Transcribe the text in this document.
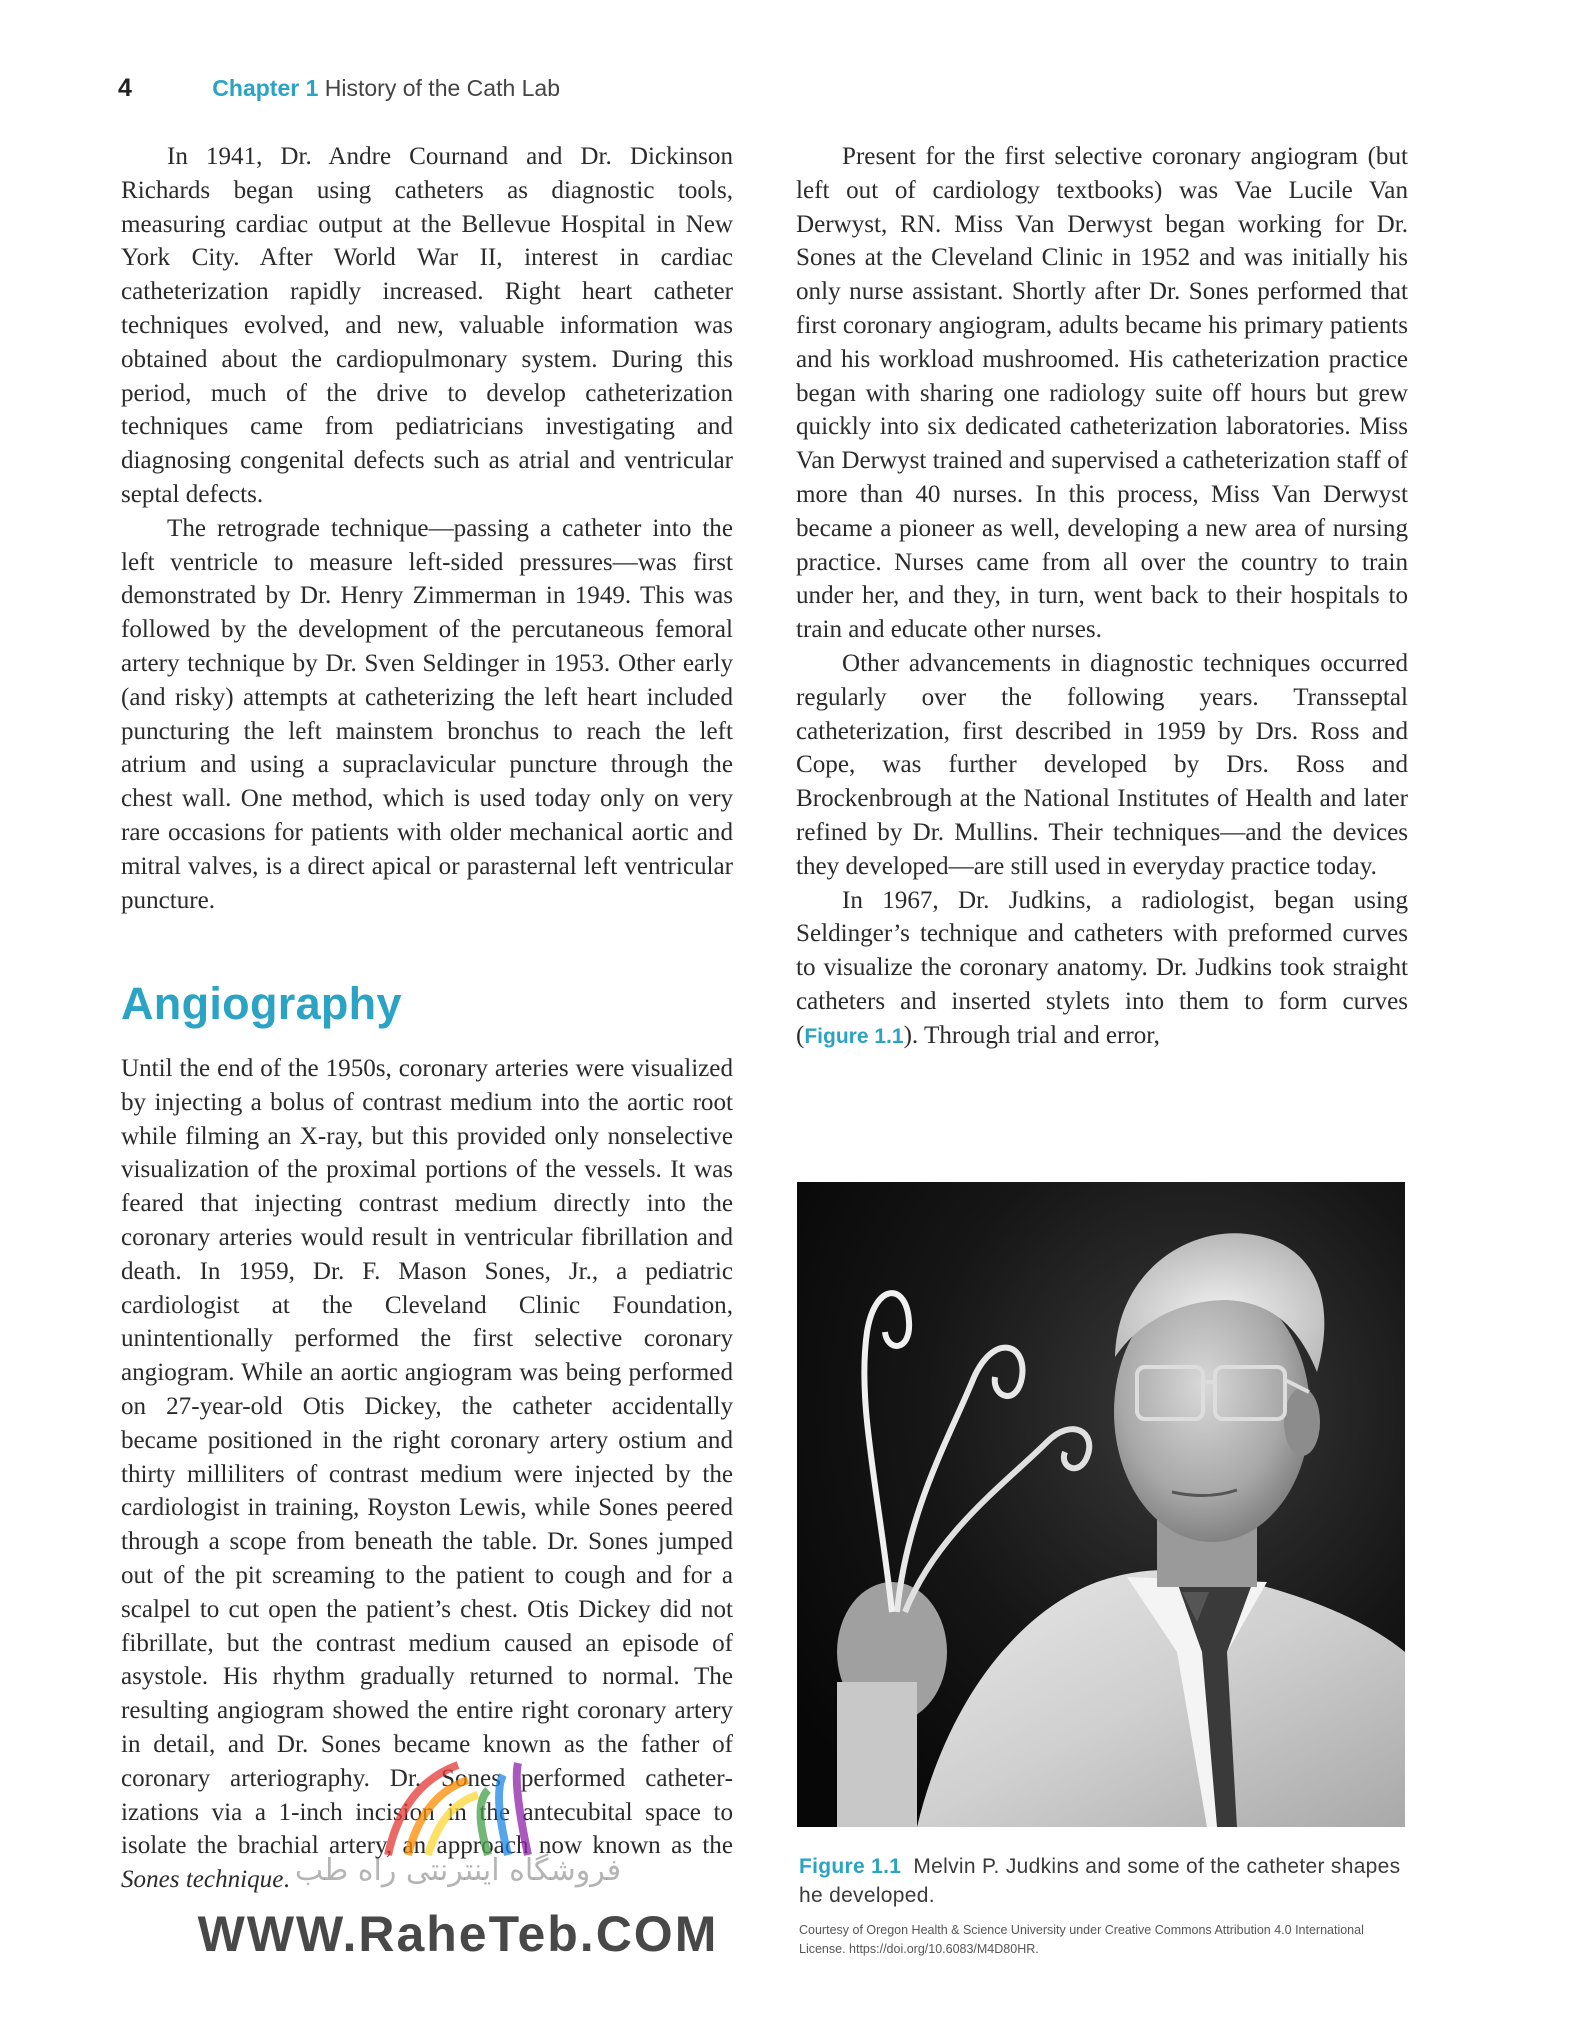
4	Chapter 1 History of the Cath Lab

In 1941, Dr. Andre Cournand and Dr. Dickinson Richards began using catheters as diagnostic tools, measuring cardiac output at the Bellevue Hospital in New York City. After World War II, interest in cardiac catheterization rapidly increased. Right heart catheter techniques evolved, and new, valuable information was obtained about the cardiopulmonary system. During this period, much of the drive to develop catheterization techniques came from pediatricians investigating and diagnosing congenital defects such as atrial and ventricular septal defects.

The retrograde technique—passing a catheter into the left ventricle to measure left-sided pressures—was first demonstrated by Dr. Henry Zimmerman in 1949. This was followed by the development of the percutaneous femoral artery technique by Dr. Sven Seldinger in 1953. Other early (and risky) attempts at catheterizing the left heart included puncturing the left mainstem bronchus to reach the left atrium and using a supraclavicular puncture through the chest wall. One method, which is used today only on very rare occasions for patients with older mechanical aortic and mitral valves, is a direct apical or parasternal left ventricular puncture.

Angiography

Until the end of the 1950s, coronary arteries were visualized by injecting a bolus of contrast medium into the aortic root while filming an X-ray, but this provided only nonselective visualization of the proximal portions of the vessels. It was feared that injecting contrast medium directly into the coronary arteries would result in ventricular fibrillation and death. In 1959, Dr. F. Mason Sones, Jr., a pediatric cardiologist at the Cleveland Clinic Foundation, unintentionally performed the first selective coronary angiogram. While an aortic angiogram was being performed on 27-year-old Otis Dickey, the catheter accidentally became positioned in the right coronary artery ostium and thirty milliliters of contrast medium were injected by the cardiologist in training, Royston Lewis, while Sones peered through a scope from beneath the table. Dr. Sones jumped out of the pit screaming to the patient to cough and for a scalpel to cut open the patient’s chest. Otis Dickey did not fibrillate, but the contrast medium caused an episode of asystole. His rhythm gradually returned to normal. The resulting angiogram showed the entire right coronary artery in detail, and Dr. Sones became known as the father of coronary arteriography. Dr. Sones performed catheterizations via a 1-inch incision in the antecubital space to isolate the brachial artery, an approach now known as the Sones technique.

Present for the first selective coronary angiogram (but left out of cardiology textbooks) was Vae Lucile Van Derwyst, RN. Miss Van Derwyst began working for Dr. Sones at the Cleveland Clinic in 1952 and was initially his only nurse assistant. Shortly after Dr. Sones performed that first coronary angiogram, adults became his primary patients and his workload mushroomed. His catheterization practice began with sharing one radiology suite off hours but grew quickly into six dedicated catheterization laboratories. Miss Van Derwyst trained and supervised a catheterization staff of more than 40 nurses. In this process, Miss Van Derwyst became a pioneer as well, developing a new area of nursing practice. Nurses came from all over the country to train under her, and they, in turn, went back to their hospitals to train and educate other nurses.

Other advancements in diagnostic techniques occurred regularly over the following years. Transseptal catheterization, first described in 1959 by Drs. Ross and Cope, was further developed by Drs. Ross and Brockenbrough at the National Institutes of Health and later refined by Dr. Mullins. Their techniques—and the devices they developed—are still used in everyday practice today.

In 1967, Dr. Judkins, a radiologist, began using Seldinger’s technique and catheters with preformed curves to visualize the coronary anatomy. Dr. Judkins took straight catheters and inserted stylets into them to form curves (Figure 1.1). Through trial and error,

Figure 1.1 Melvin P. Judkins and some of the catheter shapes he developed.
Courtesy of Oregon Health & Science University under Creative Commons Attribution 4.0 International License. https://doi.org/10.6083/M4D80HR.
فروشگاه اینترنتی راه طب
WWW.RaheTeb.COM
